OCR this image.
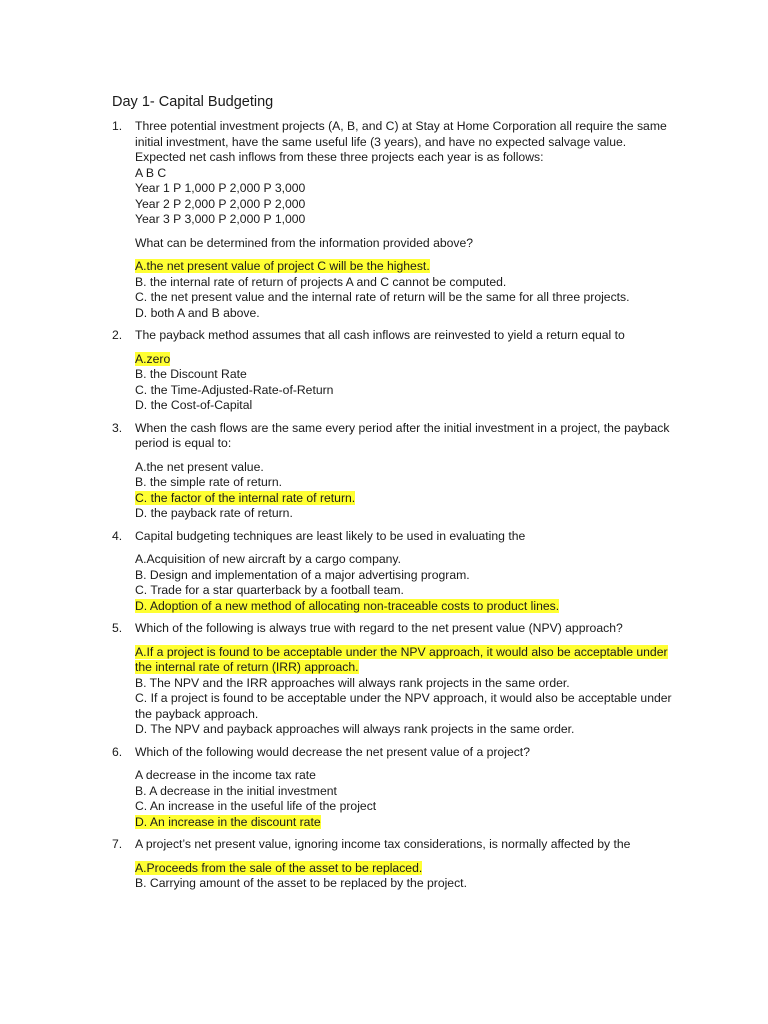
Day 1- Capital Budgeting
1. Three potential investment projects (A, B, and C) at Stay at Home Corporation all require the same initial investment, have the same useful life (3 years), and have no expected salvage value. Expected net cash inflows from these three projects each year is as follows:
A B C
Year 1 P 1,000 P 2,000 P 3,000
Year 2 P 2,000 P 2,000 P 2,000
Year 3 P 3,000 P 2,000 P 1,000
What can be determined from the information provided above?
A.the net present value of project C will be the highest.
B. the internal rate of return of projects A and C cannot be computed.
C. the net present value and the internal rate of return will be the same for all three projects.
D. both A and B above.
2. The payback method assumes that all cash inflows are reinvested to yield a return equal to
A.zero
B. the Discount Rate
C. the Time-Adjusted-Rate-of-Return
D. the Cost-of-Capital
3. When the cash flows are the same every period after the initial investment in a project, the payback period is equal to:
A.the net present value.
B. the simple rate of return.
C. the factor of the internal rate of return.
D. the payback rate of return.
4. Capital budgeting techniques are least likely to be used in evaluating the
A.Acquisition of new aircraft by a cargo company.
B. Design and implementation of a major advertising program.
C. Trade for a star quarterback by a football team.
D. Adoption of a new method of allocating non-traceable costs to product lines.
5. Which of the following is always true with regard to the net present value (NPV) approach?
A.If a project is found to be acceptable under the NPV approach, it would also be acceptable under the internal rate of return (IRR) approach.
B. The NPV and the IRR approaches will always rank projects in the same order.
C. If a project is found to be acceptable under the NPV approach, it would also be acceptable under the payback approach.
D. The NPV and payback approaches will always rank projects in the same order.
6. Which of the following would decrease the net present value of a project?
A decrease in the income tax rate
B. A decrease in the initial investment
C. An increase in the useful life of the project
D. An increase in the discount rate
7. A project’s net present value, ignoring income tax considerations, is normally affected by the
A.Proceeds from the sale of the asset to be replaced.
B. Carrying amount of the asset to be replaced by the project.
